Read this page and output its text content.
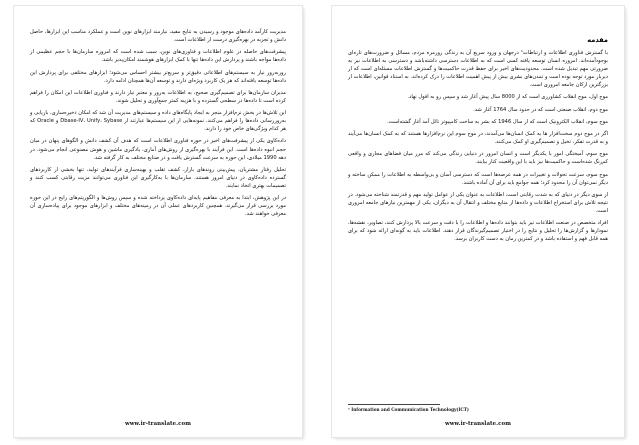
مدیریت کارآمد داده‌های موجود و رسیدن به نتایج مفید، نیازمند ابزارهای نوین است و عملکرد مناسب این ابزارها، حاصل دانش و تجربه در بهره‌گیری درست از اطلاعات است.

پیشرفت‌های حاصله در علوم اطلاعات و فناوری‌های نوین، سبب شده است که امروزه سازمان‌ها با حجم عظیمی از داده‌ها مواجه باشند و پردازش این داده‌ها تنها با کمک ابزارهای هوشمند امکان‌پذیر باشد.

روزبه‌روز نیاز به سیستم‌های اطلاعاتی دقیق‌تر و سریع‌تر بیشتر احساس می‌شود؛ ابزارهای مختلفی برای پردازش این داده‌ها توسعه یافته‌اند که هر یک کاربرد ویژه‌ای دارند و توسعه آن‌ها همچنان ادامه دارد.

مدیران سازمان‌ها برای تصمیم‌گیری صحیح، به اطلاعات به‌روز و معتبر نیاز دارند و فناوری اطلاعات این امکان را فراهم کرده است تا داده‌ها در سطحی گسترده و با هزینه کمتر جمع‌آوری و تحلیل شوند.

این تلاش‌ها در بخش نرم‌افزار منجر به ایجاد پایگاه‌های داده و سیستم‌های مدیریت آن شد که امکان ذخیره‌سازی، بازیابی و به‌روزرسانی داده‌ها را فراهم می‌کنند. نمونه‌هایی از این سیستم‌ها عبارتند از Dbase-IV، Unify، Sybase و Oracle که هر کدام ویژگی‌های خاص خود را دارند.

داده‌کاوی یکی از پیشرفت‌های اخیر در حوزه فناوری اطلاعات است که هدف آن کشف دانش و الگوهای پنهان در میان حجم انبوه داده‌ها است. این فرآیند با بهره‌گیری از روش‌های آماری، یادگیری ماشین و هوش مصنوعی انجام می‌شود. در دهه 1990 میلادی، این حوزه به سرعت گسترش یافت و در صنایع مختلف به کار گرفته شد.

تحلیل رفتار مشتریان، پیش‌بینی روندهای بازار، کشف تقلب و بهینه‌سازی فرآیندهای تولید، تنها بخشی از کاربردهای گسترده داده‌کاوی در دنیای امروز هستند. سازمان‌ها با به‌کارگیری این فناوری می‌توانند مزیت رقابتی کسب کنند و تصمیمات بهتری اتخاذ نمایند.

در این پژوهش، ابتدا به معرفی مفاهیم پایه‌ای داده‌کاوی پرداخته شده و سپس روش‌ها و الگوریتم‌های رایج در این حوزه مورد بررسی قرار می‌گیرند. همچنین کاربردهای عملی آن در زمینه‌های مختلف و ابزارهای موجود برای پیاده‌سازی آن معرفی خواهند شد.

www.ir-translate.com
مقدمه

با گسترش فناوری اطلاعات و ارتباطات¹ درجهان و ورود سریع آن به زندگی روزمره مردم، مسائل و ضرورت‌های تازه‌ای بوجودآمده‌اند. امروزه انسان توسعه یافته کسی است که به اطلاعات دسترسی داشته‌باشد و دسترسی به اطلاعات نیز به ضرورتی مهم تبدیل شده است. محدودیت‌های اخیر برای حفظ قدرت حاکمیت‌ها و گسترش اطلاعات مسئله‌ای است که از دیرباز مورد توجه بوده است و تمدن‌های بشری بیش از پیش اهمیت اطلاعات را درک کرده‌اند. به استناد قوانین، اطلاعات از بزرگترین ارکان جامعه امروزی است.

موج اول، موج انقلاب کشاورزی است که از 8000 سال پیش آغاز شد و سپس رو به افول نهاد.

موج دوم، انقلاب صنعتی است که در حدود سال 1764 آغاز شد.

موج سوم، انقلاب الکترونیک است که از سال 1946 که بشر به ساخت کامپیوتر نائل آمد آغاز گشته‌است.

اگر در موج دوم سخت‌افزار ها به کمک انسان‌ها می‌آمدند، در موج سوم این نرم‌افزارها هستند که به کمک انسان‌ها می‌آیند و به قدرت تفکر، تخیل و تصمیم‌گیری او کمک می‌کنند.

موج سوم، آمیختگی امور با یکدیگر است و انسان امروز در دنیایی زندگی می‌کند که مرز میان فضاهای مجازی و واقعی کم‌رنگ شده‌است و حاکمیت‌ها نیز باید با این واقعیت کنار بیایند.

موج سوم، سرعت تحولات و تغییرات در همه عرصه‌ها است که دسترسی آسان و بی‌واسطه به اطلاعات را ممکن ساخته و دیگر نمی‌توان آن را محدود کرد؛ همه جوامع باید برای آن آماده باشند.

از سوی دیگر در دنیای که به شدت رقابتی است، اطلاعات به عنوان یکی از عوامل تولید مهم و قدرتمند شناخته می‌شود. در نتیجه تلاش برای استخراج اطلاعات و داده‌ها از منابع مختلف و انتقال آن به دیگران، یکی از مهمترین نیازهای جامعه امروزی است.

افراد متخصص در صنعت اطلاعات نیز باید بتوانند داده‌ها و اطلاعات را با دقت و سرعت بالا پردازش کنند، تصاویر، نقشه‌ها، نمودارها و گزارش‌ها را تحلیل و نتایج را در اختیار تصمیم‌گیرندگان قرار دهند. اطلاعات باید به گونه‌ای ارائه شود که برای همه قابل فهم و استفاده باشد و در کمترین زمان به دست کاربران برسد.

¹ Information and Communication Technology(ICT)
www.ir-translate.com
